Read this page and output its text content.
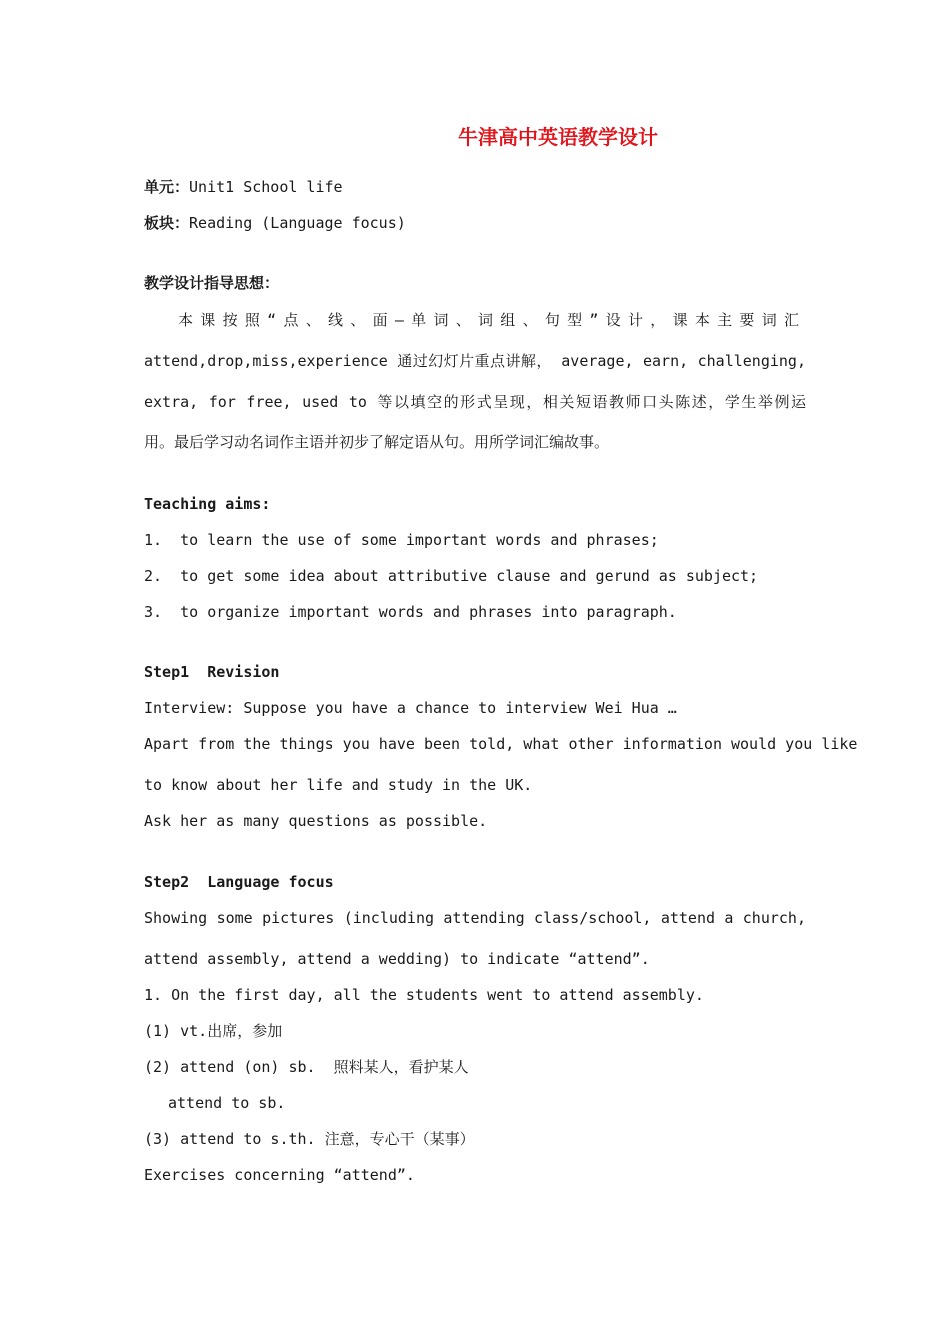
牛津高中英语教学设计
单元：Unit1 School life
板块：Reading (Language focus)
教学设计指导思想：
本课按照“点、线、面—单词、词组、句型”设计，课本主要词汇
attend,drop,miss,experience 通过幻灯片重点讲解， average, earn, challenging,
extra, for free, used to 等以填空的形式呈现，相关短语教师口头陈述，学生举例运
用。最后学习动名词作主语并初步了解定语从句。用所学词汇编故事。
Teaching aims:
1.  to learn the use of some important words and phrases;
2.  to get some idea about attributive clause and gerund as subject;
3.  to organize important words and phrases into paragraph.
Step1  Revision
Interview: Suppose you have a chance to interview Wei Hua …
Apart from the things you have been told, what other information would you like
to know about her life and study in the UK.
Ask her as many questions as possible.
Step2  Language focus
Showing some pictures (including attending class/school, attend a church,
attend assembly, attend a wedding) to indicate “attend”.
1. On the first day, all the students went to attend assembly.
(1) vt.出席，参加
(2) attend (on) sb.  照料某人，看护某人
attend to sb.
(3) attend to s.th. 注意，专心干（某事）
Exercises concerning “attend”.
